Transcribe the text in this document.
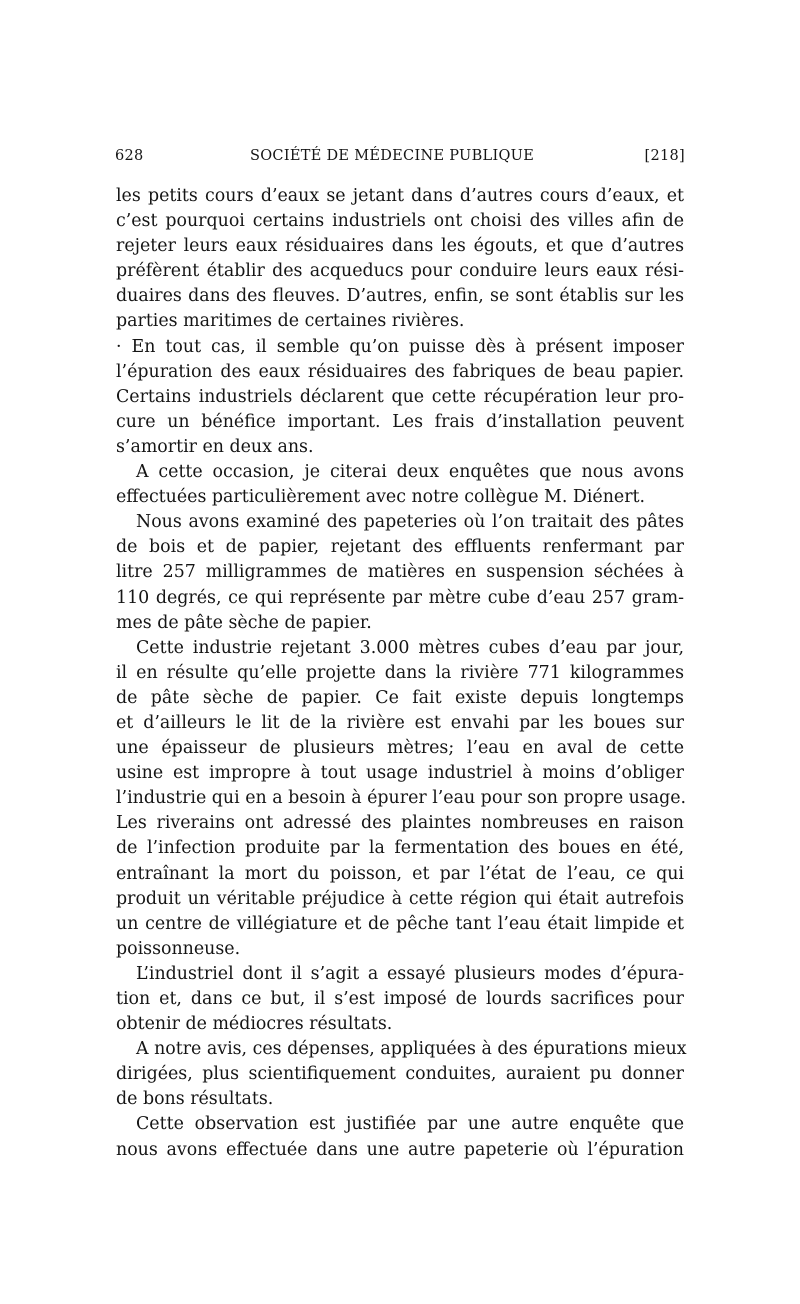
628	SOCIÉTÉ DE MÉDECINE PUBLIQUE	[218]

les petits cours d’eaux se jetant dans d’autres cours d’eaux, et
c’est pourquoi certains industriels ont choisi des villes afin de
rejeter leurs eaux résiduaires dans les égouts, et que d’autres
préfèrent établir des acqueducs pour conduire leurs eaux rési-
duaires dans des fleuves. D’autres, enfin, se sont établis sur les
parties maritimes de certaines rivières.

· En tout cas, il semble qu’on puisse dès à présent imposer
l’épuration des eaux résiduaires des fabriques de beau papier.
Certains industriels déclarent que cette récupération leur pro-
cure un bénéfice important. Les frais d’installation peuvent
s’amortir en deux ans.

A cette occasion, je citerai deux enquêtes que nous avons
effectuées particulièrement avec notre collègue M. Diénert.

Nous avons examiné des papeteries où l’on traitait des pâtes
de bois et de papier, rejetant des effluents renfermant par
litre 257 milligrammes de matières en suspension séchées à
110 degrés, ce qui représente par mètre cube d’eau 257 gram-
mes de pâte sèche de papier.

Cette industrie rejetant 3.000 mètres cubes d’eau par jour,
il en résulte qu’elle projette dans la rivière 771 kilogrammes
de pâte sèche de papier. Ce fait existe depuis longtemps
et d’ailleurs le lit de la rivière est envahi par les boues sur
une épaisseur de plusieurs mètres; l’eau en aval de cette
usine est impropre à tout usage industriel à moins d’obliger
l’industrie qui en a besoin à épurer l’eau pour son propre usage.
Les riverains ont adressé des plaintes nombreuses en raison
de l’infection produite par la fermentation des boues en été,
entraînant la mort du poisson, et par l’état de l’eau, ce qui
produit un véritable préjudice à cette région qui était autrefois
un centre de villégiature et de pêche tant l’eau était limpide et
poissonneuse.

L’industriel dont il s’agit a essayé plusieurs modes d’épura-
tion et, dans ce but, il s’est imposé de lourds sacrifices pour
obtenir de médiocres résultats.

A notre avis, ces dépenses, appliquées à des épurations mieux
dirigées, plus scientifiquement conduites, auraient pu donner
de bons résultats.

Cette observation est justifiée par une autre enquête que
nous avons effectuée dans une autre papeterie où l’épuration
